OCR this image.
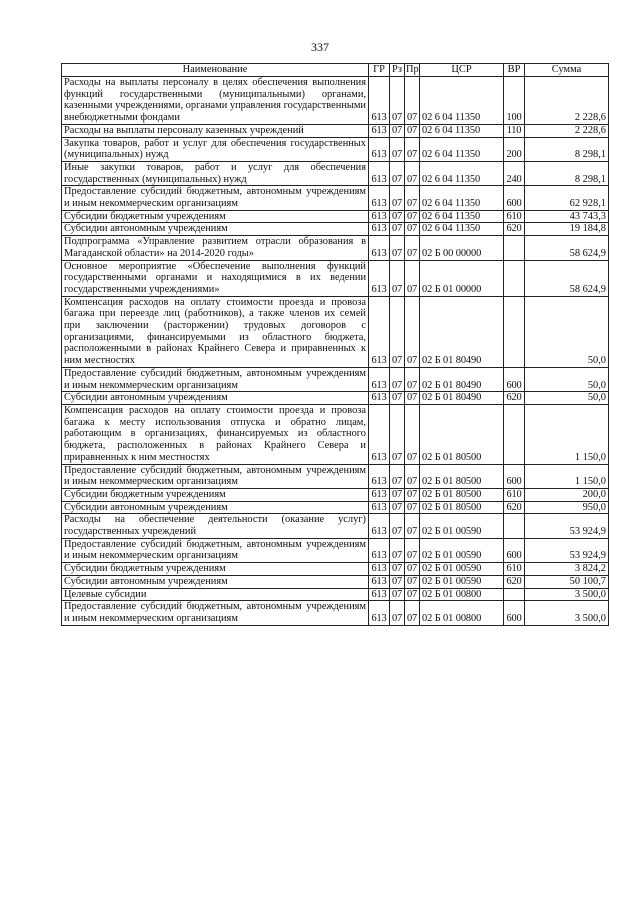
337
Наименование	ГР	Рз	Пр	ЦСР	ВР	Сумма
Расходы на выплаты персоналу в целях обеспечения выполнения функций государственными (муниципальными) органами, казенными учреждениями, органами управления государственными внебюджетными фондами	613	07	07	02 6 04 11350	100	2 228,6
Расходы на выплаты персоналу казенных учреждений	613	07	07	02 6 04 11350	110	2 228,6
Закупка товаров, работ и услуг для обеспечения государственных (муниципальных) нужд	613	07	07	02 6 04 11350	200	8 298,1
Иные закупки товаров, работ и услуг для обеспечения государственных (муниципальных) нужд	613	07	07	02 6 04 11350	240	8 298,1
Предоставление субсидий бюджетным, автономным учреждениям и иным некоммерческим организациям	613	07	07	02 6 04 11350	600	62 928,1
Субсидии бюджетным учреждениям	613	07	07	02 6 04 11350	610	43 743,3
Субсидии автономным учреждениям	613	07	07	02 6 04 11350	620	19 184,8
Подпрограмма «Управление развитием отрасли образования в Магаданской области» на 2014-2020 годы»	613	07	07	02 Б 00 00000		58 624,9
Основное мероприятие «Обеспечение выполнения функций государственными органами и находящимися в их ведении государственными учреждениями»	613	07	07	02 Б 01 00000		58 624,9
Компенсация расходов на оплату стоимости проезда и провоза багажа при переезде лиц (работников), а также членов их семей при заключении (расторжении) трудовых договоров с организациями, финансируемыми из областного бюджета, расположенными в районах Крайнего Севера и приравненных к ним местностях	613	07	07	02 Б 01 80490		50,0
Предоставление субсидий бюджетным, автономным учреждениям и иным некоммерческим организациям	613	07	07	02 Б 01 80490	600	50,0
Субсидии автономным учреждениям	613	07	07	02 Б 01 80490	620	50,0
Компенсация расходов на оплату стоимости проезда и провоза багажа к месту использования отпуска и обратно лицам, работающим в организациях, финансируемых из областного бюджета, расположенных в районах Крайнего Севера и приравненных к ним местностях	613	07	07	02 Б 01 80500		1 150,0
Предоставление субсидий бюджетным, автономным учреждениям и иным некоммерческим организациям	613	07	07	02 Б 01 80500	600	1 150,0
Субсидии бюджетным учреждениям	613	07	07	02 Б 01 80500	610	200,0
Субсидии автономным учреждениям	613	07	07	02 Б 01 80500	620	950,0
Расходы на обеспечение деятельности (оказание услуг) государственных учреждений	613	07	07	02 Б 01 00590		53 924,9
Предоставление субсидий бюджетным, автономным учреждениям и иным некоммерческим организациям	613	07	07	02 Б 01 00590	600	53 924,9
Субсидии бюджетным учреждениям	613	07	07	02 Б 01 00590	610	3 824,2
Субсидии автономным учреждениям	613	07	07	02 Б 01 00590	620	50 100,7
Целевые субсидии	613	07	07	02 Б 01 00800		3 500,0
Предоставление субсидий бюджетным, автономным учреждениям и иным некоммерческим организациям	613	07	07	02 Б 01 00800	600	3 500,0
